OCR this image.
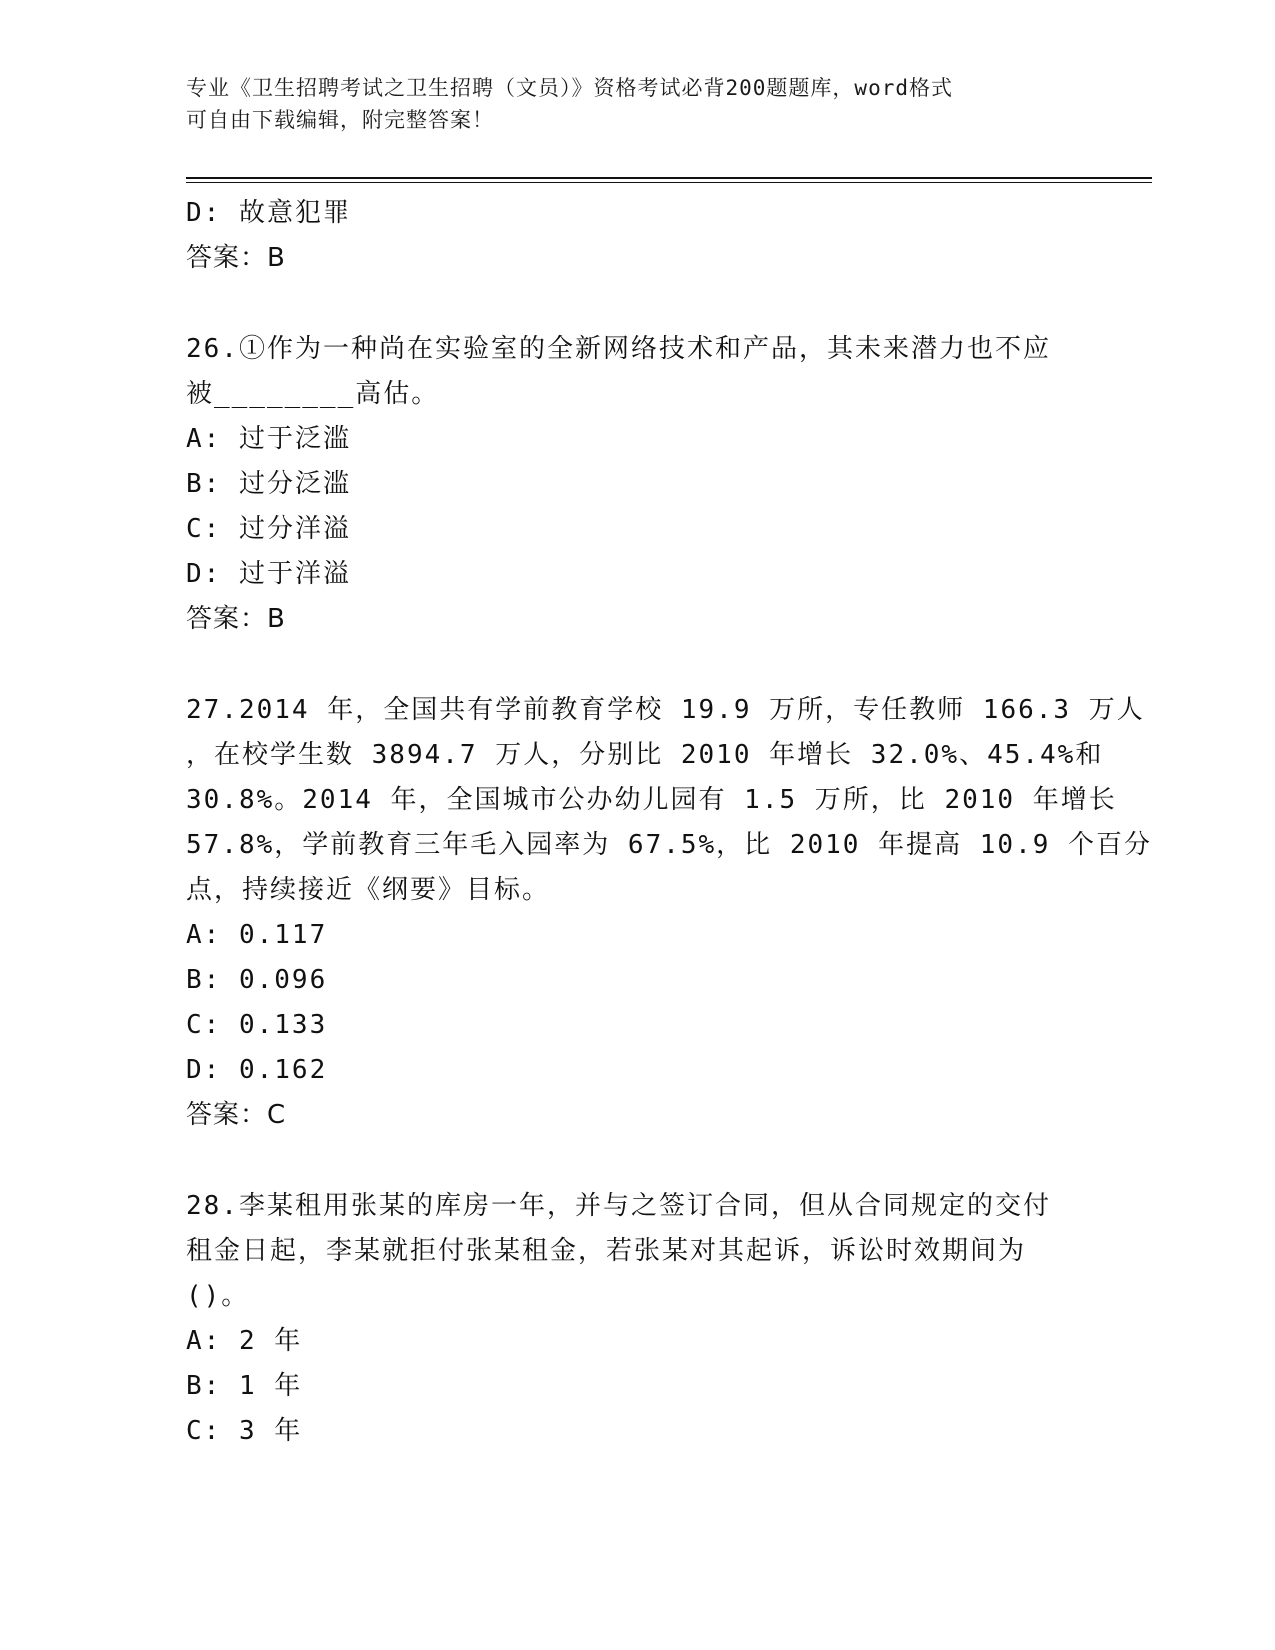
专业《卫生招聘考试之卫生招聘（文员）》资格考试必背200题题库，word格式

可自由下载编辑，附完整答案！

D: 故意犯罪

答案：B

26.①作为一种尚在实验室的全新网络技术和产品，其未来潜力也不应

被________高估。

A: 过于泛滥

B: 过分泛滥

C: 过分洋溢

D: 过于洋溢

答案：B

27.2014 年，全国共有学前教育学校 19.9 万所，专任教师 166.3 万人

，在校学生数 3894.7 万人，分别比 2010 年增长 32.0%、45.4%和

30.8%。2014 年，全国城市公办幼儿园有 1.5 万所，比 2010 年增长

57.8%，学前教育三年毛入园率为 67.5%，比 2010 年提高 10.9 个百分

点，持续接近《纲要》目标。

A: 0.117

B: 0.096

C: 0.133

D: 0.162

答案：C

28.李某租用张某的库房一年，并与之签订合同，但从合同规定的交付

租金日起，李某就拒付张某租金，若张某对其起诉，诉讼时效期间为

()。

A: 2 年

B: 1 年

C: 3 年
